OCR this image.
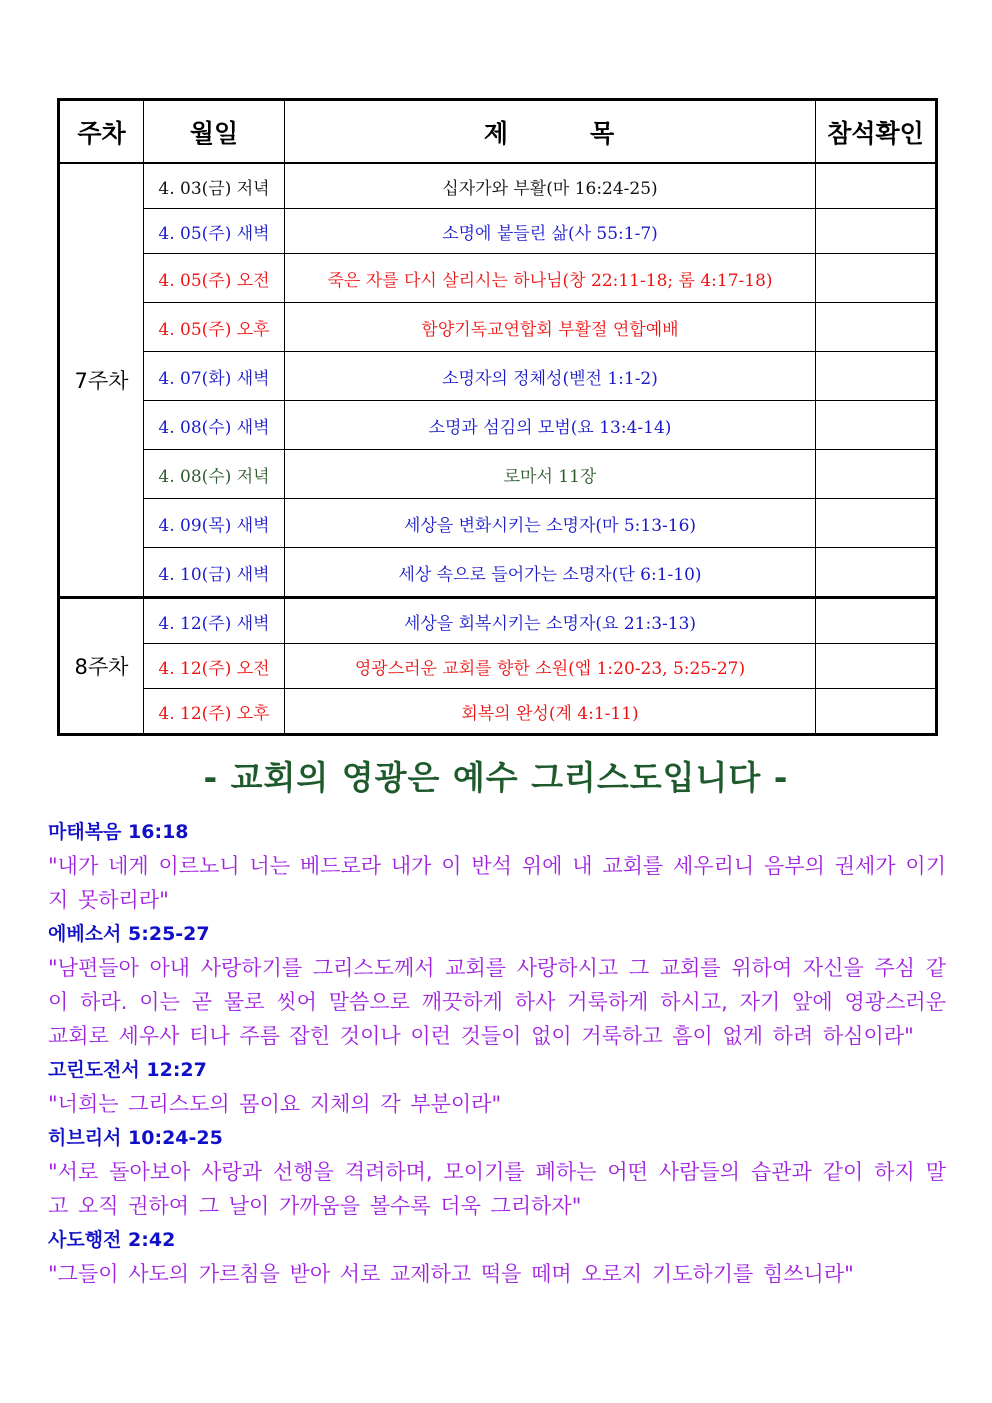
주차	월일	제 목	참석확인
7주차	4. 03(금) 저녁	십자가와 부활(마 16:24-25)	
	4. 05(주) 새벽	소명에 붙들린 삶(사 55:1-7)	
	4. 05(주) 오전	죽은 자를 다시 살리시는 하나님(창 22:11-18; 롬 4:17-18)	
	4. 05(주) 오후	함양기독교연합회 부활절 연합예배	
	4. 07(화) 새벽	소명자의 정체성(벧전 1:1-2)	
	4. 08(수) 새벽	소명과 섬김의 모범(요 13:4-14)	
	4. 08(수) 저녁	로마서 11장	
	4. 09(목) 새벽	세상을 변화시키는 소명자(마 5:13-16)	
	4. 10(금) 새벽	세상 속으로 들어가는 소명자(단 6:1-10)	
8주차	4. 12(주) 새벽	세상을 회복시키는 소명자(요 21:3-13)	
	4. 12(주) 오전	영광스러운 교회를 향한 소원(엡 1:20-23, 5:25-27)	
	4. 12(주) 오후	회복의 완성(계 4:1-11)	
- 교회의 영광은 예수 그리스도입니다 -
마태복음 16:18
"내가 네게 이르노니 너는 베드로라 내가 이 반석 위에 내 교회를 세우리니 음부의 권세가 이기지 못하리라"
에베소서 5:25-27
"남편들아 아내 사랑하기를 그리스도께서 교회를 사랑하시고 그 교회를 위하여 자신을 주심 같이 하라. 이는 곧 물로 씻어 말씀으로 깨끗하게 하사 거룩하게 하시고, 자기 앞에 영광스러운 교회로 세우사 티나 주름 잡힌 것이나 이런 것들이 없이 거룩하고 흠이 없게 하려 하심이라"
고린도전서 12:27
"너희는 그리스도의 몸이요 지체의 각 부분이라"
히브리서 10:24-25
"서로 돌아보아 사랑과 선행을 격려하며, 모이기를 폐하는 어떤 사람들의 습관과 같이 하지 말고 오직 권하여 그 날이 가까움을 볼수록 더욱 그리하자"
사도행전 2:42
"그들이 사도의 가르침을 받아 서로 교제하고 떡을 떼며 오로지 기도하기를 힘쓰니라"
